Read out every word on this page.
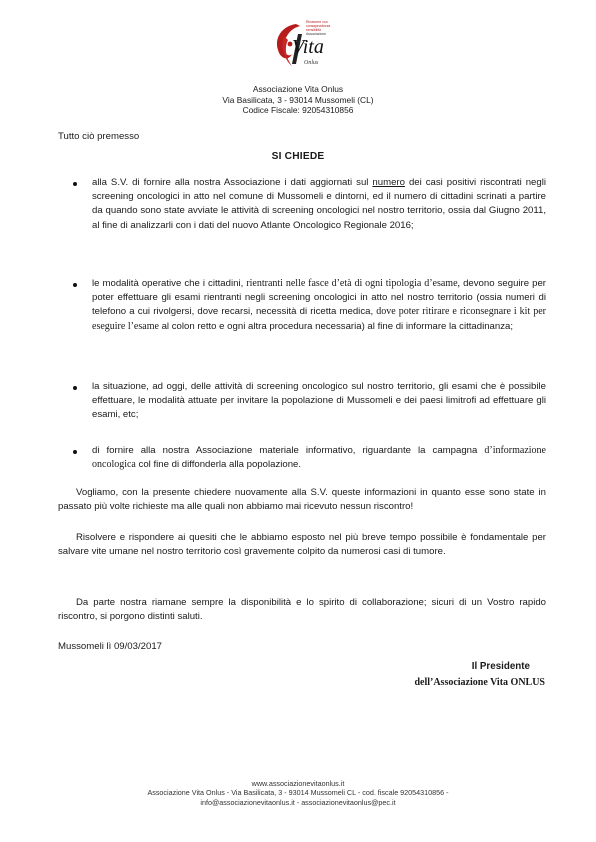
Rinascere con
consapevolezza
sensibilità
Associazione
Vita
Onlus
Associazione Vita Onlus
Via Basilicata, 3 - 93014 Mussomeli (CL)
Codice Fiscale: 92054310856
Tutto ciò premesso
SI CHIEDE
alla S.V. di fornire alla nostra Associazione i dati aggiornati sul numero dei casi positivi riscontrati negli screening oncologici in atto nel comune di Mussomeli e dintorni, ed il numero di cittadini scrinati a partire da quando sono state avviate le attività di screening oncologici nel nostro territorio, ossia dal Giugno 2011, al fine di analizzarli con i dati del nuovo Atlante Oncologico Regionale 2016;
le modalità operative che i cittadini, rientranti nelle fasce d’età di ogni tipologia d’esame, devono seguire per poter effettuare gli esami rientranti negli screening oncologici in atto nel nostro territorio (ossia numeri di telefono a cui rivolgersi, dove recarsi, necessità di ricetta medica, dove poter ritirare e riconsegnare i kit per eseguire l’esame al colon retto e ogni altra procedura necessaria) al fine di informare la cittadinanza;
la situazione, ad oggi, delle attività di screening oncologico sul nostro territorio, gli esami che è possibile effettuare, le modalità attuate per invitare la popolazione di Mussomeli e dei paesi limitrofi ad effettuare gli esami, etc;
di fornire alla nostra Associazione materiale informativo, riguardante la campagna d’informazione oncologica col fine di diffonderla alla popolazione.
Vogliamo, con la presente chiedere nuovamente alla S.V. queste informazioni in quanto esse sono state in passato più volte richieste ma alle quali non abbiamo mai ricevuto nessun riscontro!
Risolvere e rispondere ai quesiti che le abbiamo esposto nel più breve tempo possibile è fondamentale per salvare vite umane nel nostro territorio così gravemente colpito da numerosi casi di tumore.
Da parte nostra riamane sempre la disponibilità e lo spirito di collaborazione; sicuri di un Vostro rapido riscontro, si porgono distinti saluti.
Mussomeli lì 09/03/2017
Il Presidente
dell’Associazione Vita ONLUS
www.associazionevitaonlus.it
Associazione Vita Onlus - Via Basilicata, 3 - 93014 Mussomeli CL - cod. fiscale 92054310856 -
info@associazionevitaonlus.it - associazionevitaonlus@pec.it
